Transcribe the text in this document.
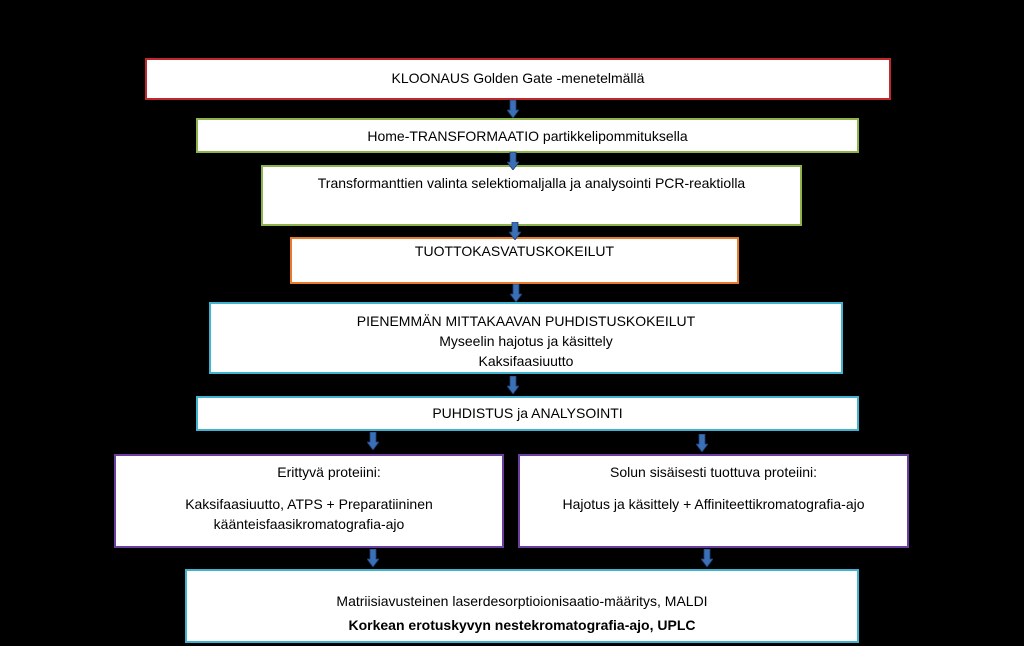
KLOONAUS Golden Gate -menetelmällä
Home-TRANSFORMAATIO partikkelipommituksella
Transformanttien valinta selektiomaljalla ja analysointi PCR-reaktiolla
TUOTTOKASVATUSKOKEILUT
PIENEMMÄN MITTAKAAVAN PUHDISTUSKOKEILUT
Myseelin hajotus ja käsittely
Kaksifaasiuutto
PUHDISTUS ja ANALYSOINTI
Erittyvä proteiini:
Kaksifaasiuutto, ATPS + Preparatiininen
käänteisfaasikromatografia-ajo
Solun sisäisesti tuottuva proteiini:
Hajotus ja käsittely + Affiniteettikromatografia-ajo
Matriisiavusteinen laserdesorptioionisaatio-määritys, MALDI
Korkean erotuskyvyn nestekromatografia-ajo, UPLC
